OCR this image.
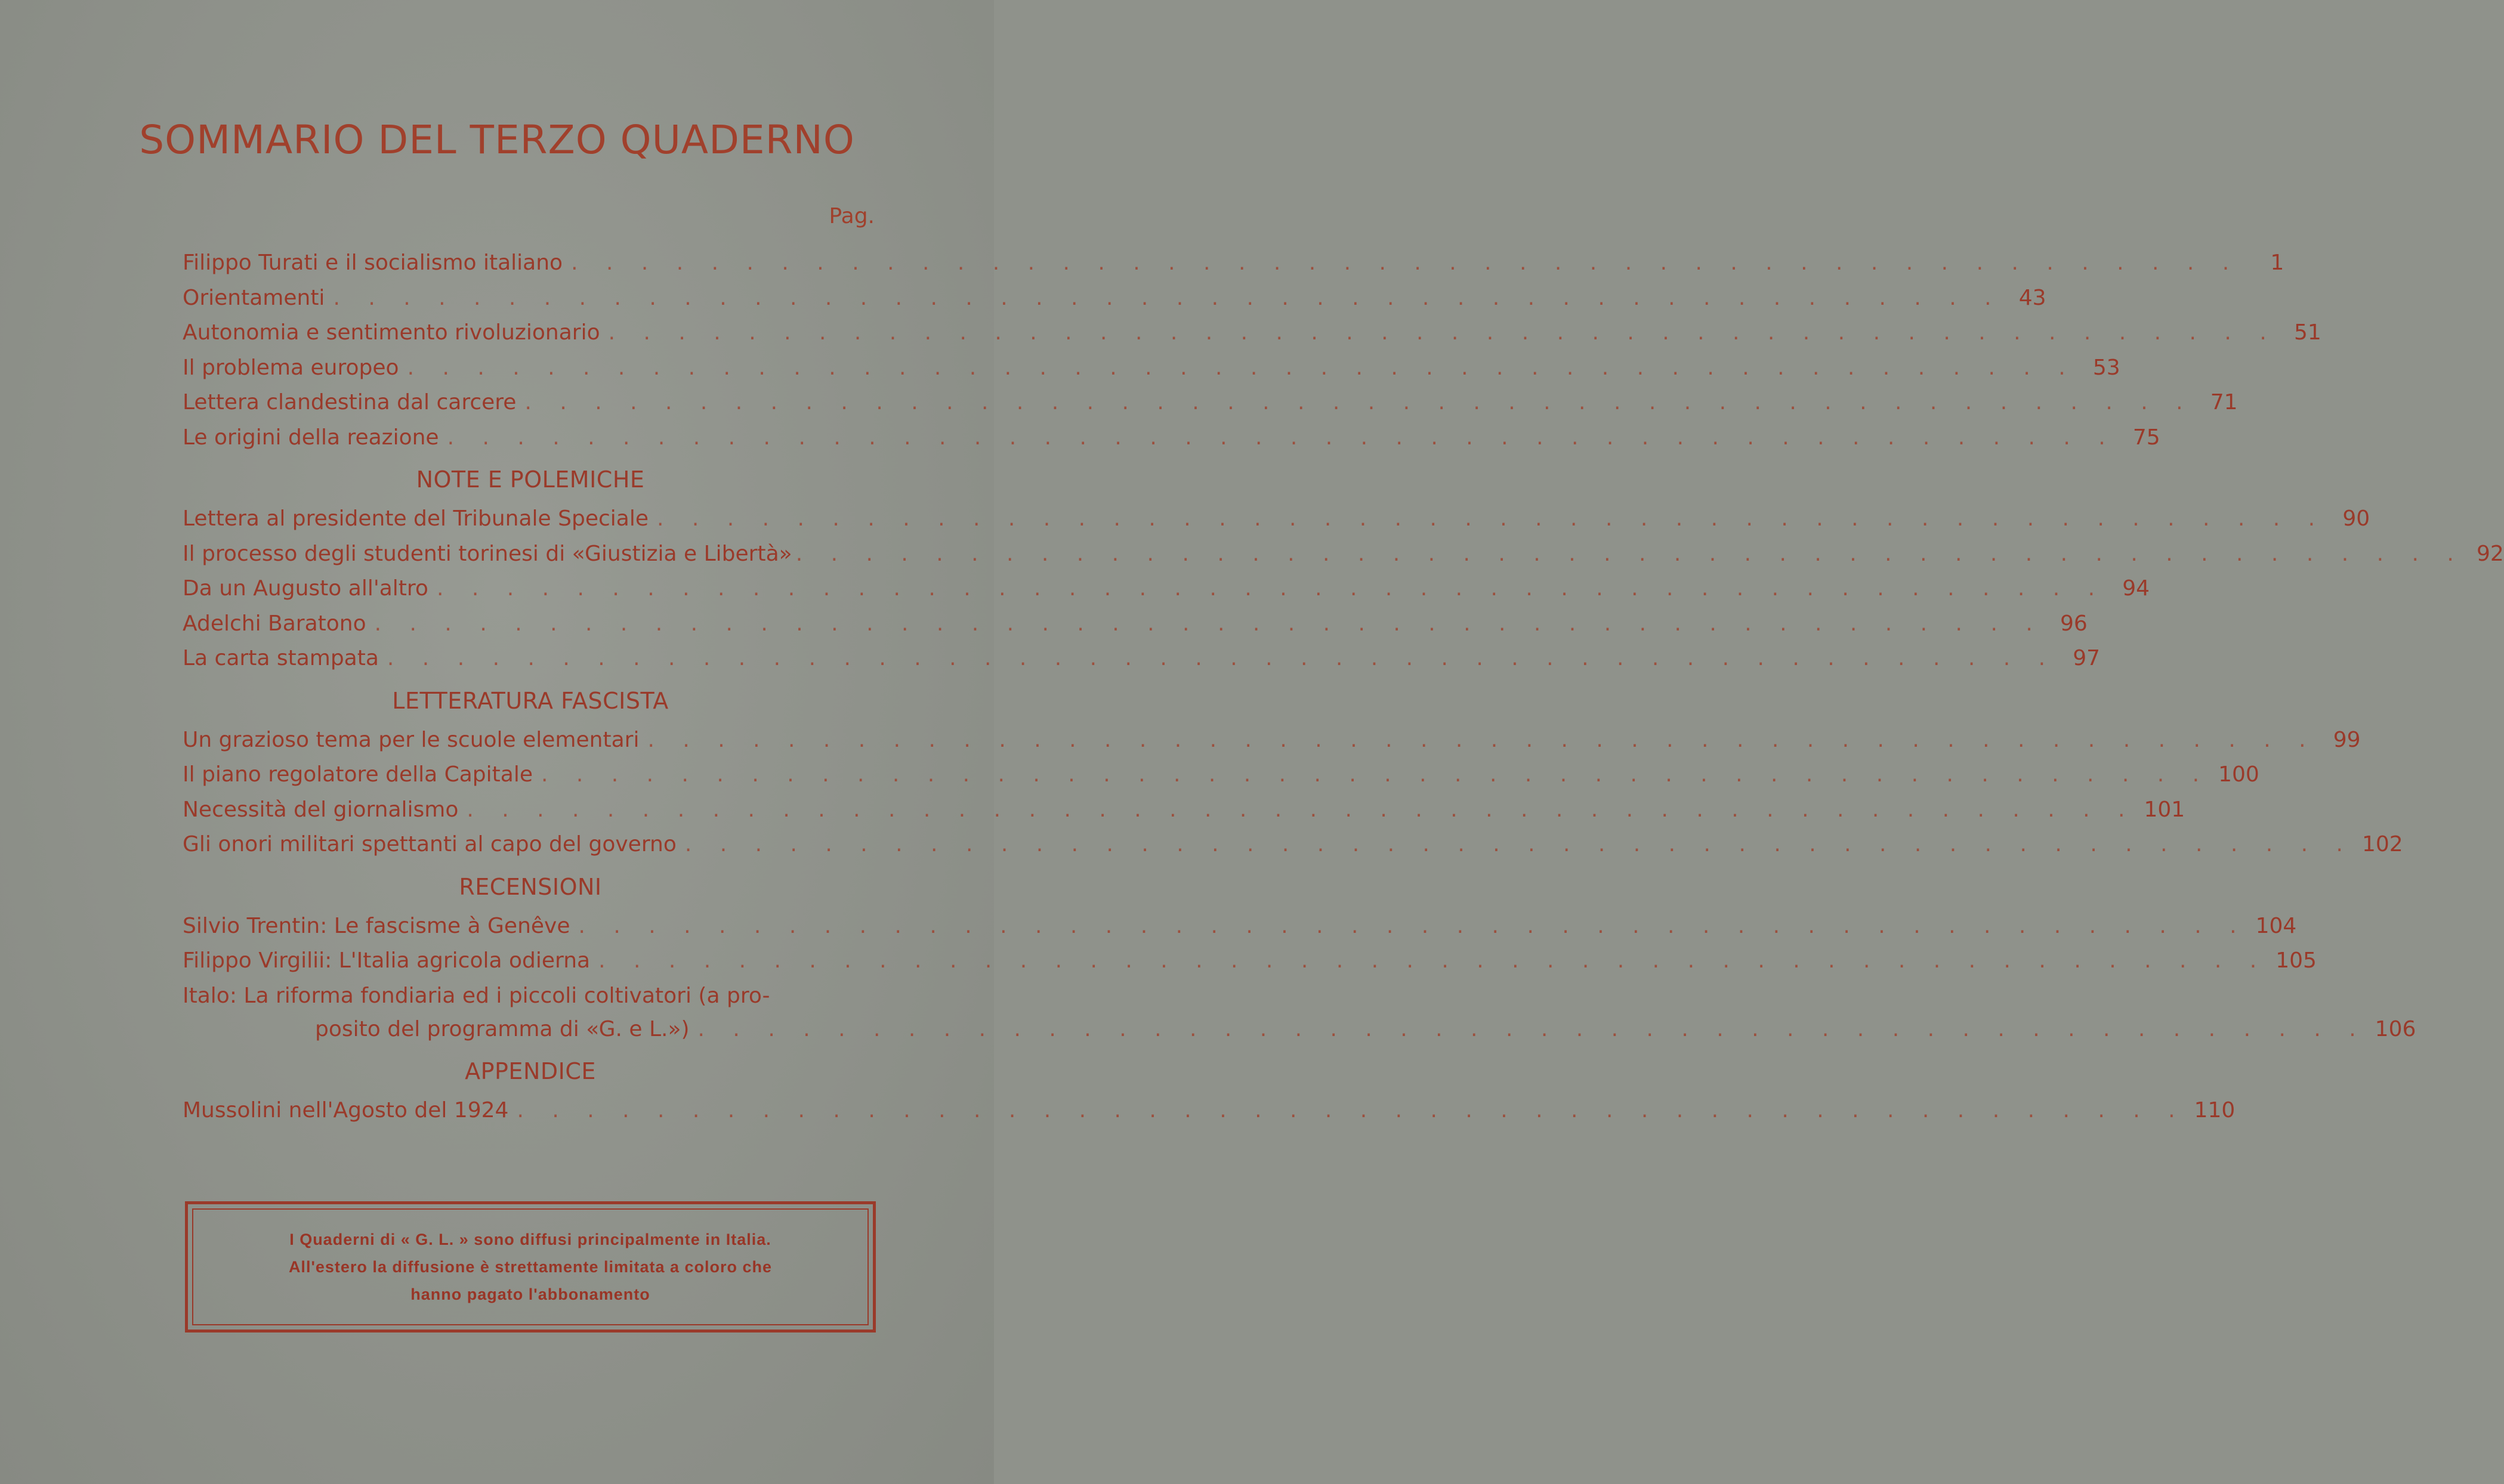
SOMMARIO DEL TERZO QUADERNO
Pag.
Filippo Turati e il socialismo italiano . . .	1
Orientamenti . . .	43
Autonomia e sentimento rivoluzionario . . .	51
Il problema europeo . . .	53
Lettera clandestina dal carcere . . .	71
Le origini della reazione . . .	75
NOTE E POLEMICHE
Lettera al presidente del Tribunale Speciale . . .	90
Il processo degli studenti torinesi di «Giustizia e Libertà» . . .	92
Da un Augusto all'altro . . .	94
Adelchi Baratono . . .	96
La carta stampata . . .	97
LETTERATURA FASCISTA
Un grazioso tema per le scuole elementari . . .	99
Il piano regolatore della Capitale . . .	100
Necessità del giornalismo . . .	101
Gli onori militari spettanti al capo del governo . . .	102
RECENSIONI
Silvio Trentin: Le fascisme à Genêve . . .	104
Filippo Virgilii: L'Italia agricola odierna . . .	105
Italo: La riforma fondiaria ed i piccoli coltivatori (a pro-
posito del programma di «G. e L.») . . .	106
APPENDICE
Mussolini nell'Agosto del 1924 . . .	110
I Quaderni di « G. L. » sono diffusi principalmente in Italia.
All'estero la diffusione è strettamente limitata a coloro che
hanno pagato l'abbonamento
